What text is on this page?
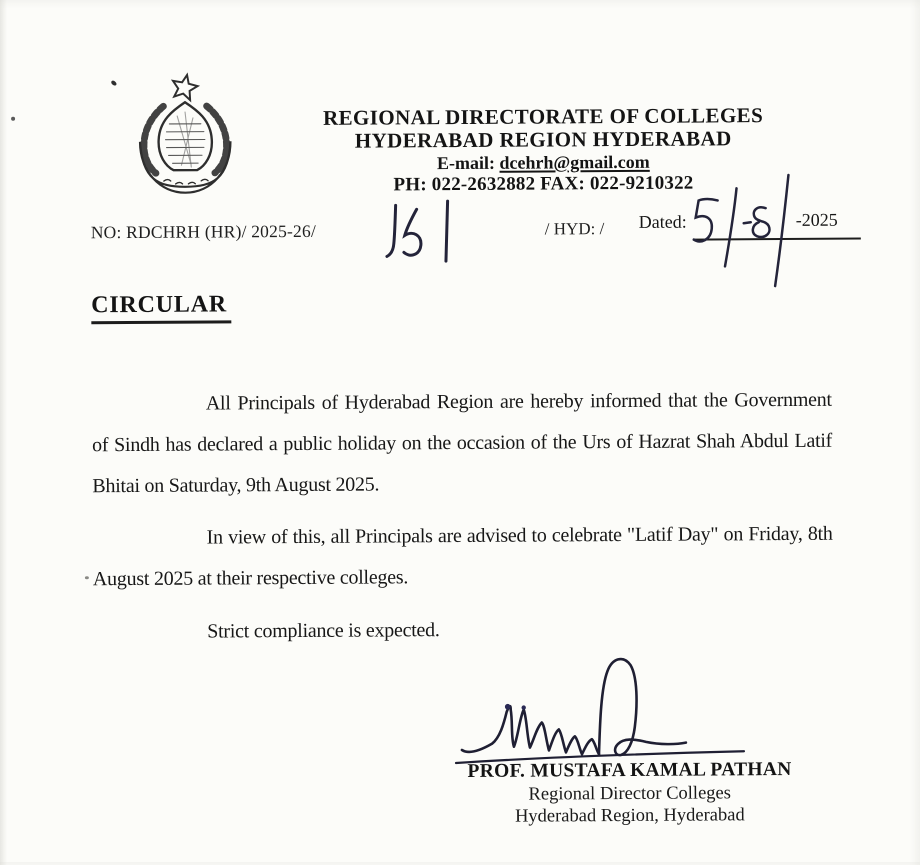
REGIONAL DIRECTORATE OF COLLEGES
HYDERABAD REGION HYDERABAD
E-mail: dcehrh@gmail.com
PH: 022-2632882 FAX: 022-9210322
NO: RDCHRH (HR)/ 2025-26/	/ HYD: / Dated:	-2025
CIRCULAR

All Principals of Hyderabad Region are hereby informed that the Government of Sindh has declared a public holiday on the occasion of the Urs of Hazrat Shah Abdul Latif Bhitai on Saturday, 9th August 2025.

In view of this, all Principals are advised to celebrate "Latif Day" on Friday, 8th August 2025 at their respective colleges.

Strict compliance is expected.

PROF. MUSTAFA KAMAL PATHAN
Regional Director Colleges
Hyderabad Region, Hyderabad
